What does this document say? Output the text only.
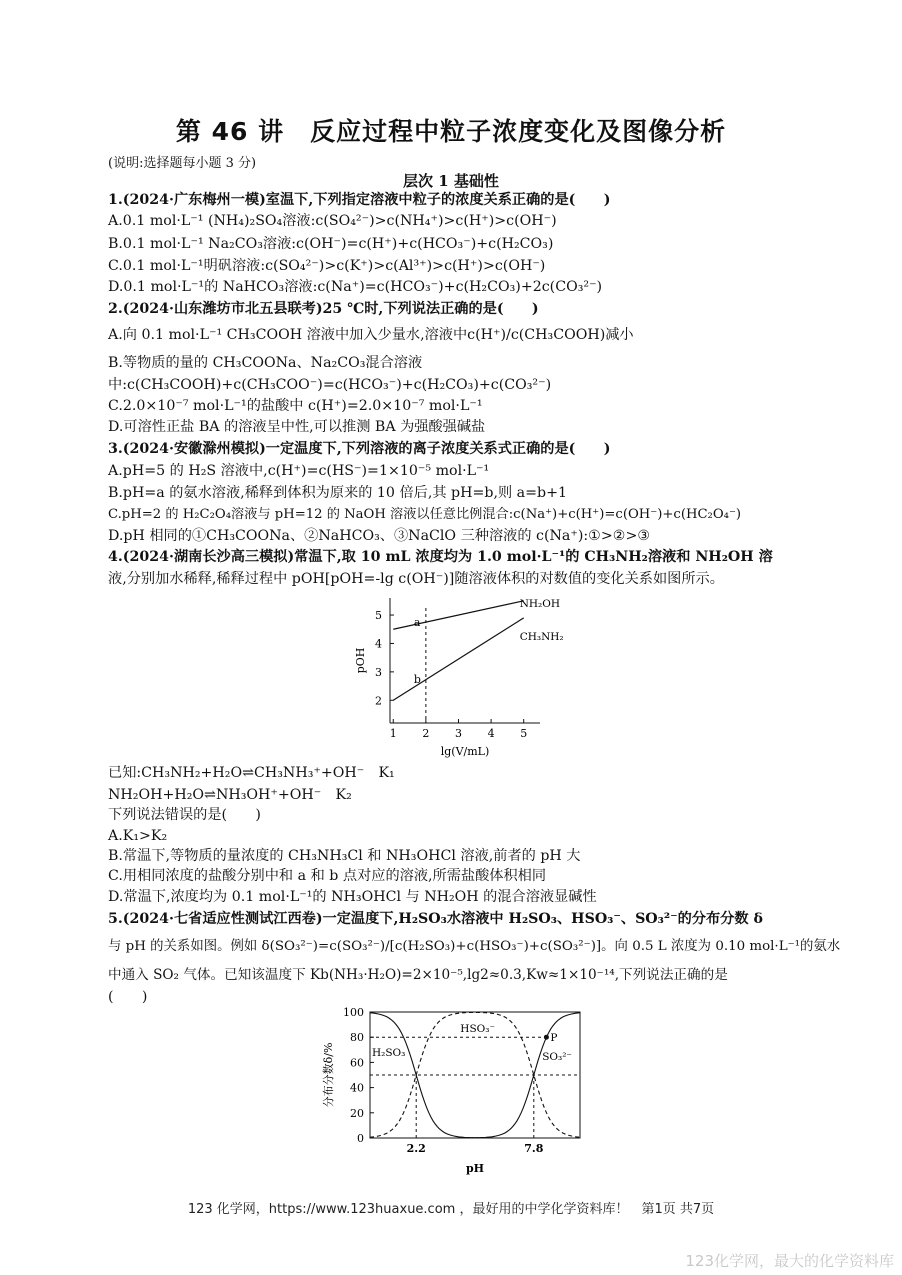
第 46 讲　反应过程中粒子浓度变化及图像分析
(说明:选择题每小题 3 分)
层次 1 基础性
1.(2024·广东梅州一模)室温下,下列指定溶液中粒子的浓度关系正确的是(　　)
A.0.1 mol·L⁻¹ (NH₄)₂SO₄溶液:c(SO₄²⁻)>c(NH₄⁺)>c(H⁺)>c(OH⁻)
B.0.1 mol·L⁻¹ Na₂CO₃溶液:c(OH⁻)=c(H⁺)+c(HCO₃⁻)+c(H₂CO₃)
C.0.1 mol·L⁻¹明矾溶液:c(SO₄²⁻)>c(K⁺)>c(Al³⁺)>c(H⁺)>c(OH⁻)
D.0.1 mol·L⁻¹的 NaHCO₃溶液:c(Na⁺)=c(HCO₃⁻)+c(H₂CO₃)+2c(CO₃²⁻)
2.(2024·山东潍坊市北五县联考)25 ℃时,下列说法正确的是(　　)
A.向 0.1 mol·L⁻¹ CH₃COOH 溶液中加入少量水,溶液中c(H⁺)/c(CH₃COOH)减小
B.等物质的量的 CH₃COONa、Na₂CO₃混合溶液
中:c(CH₃COOH)+c(CH₃COO⁻)=c(HCO₃⁻)+c(H₂CO₃)+c(CO₃²⁻)
C.2.0×10⁻⁷ mol·L⁻¹的盐酸中 c(H⁺)=2.0×10⁻⁷ mol·L⁻¹
D.可溶性正盐 BA 的溶液呈中性,可以推测 BA 为强酸强碱盐
3.(2024·安徽滁州模拟)一定温度下,下列溶液的离子浓度关系式正确的是(　　)
A.pH=5 的 H₂S 溶液中,c(H⁺)=c(HS⁻)=1×10⁻⁵ mol·L⁻¹
B.pH=a 的氨水溶液,稀释到体积为原来的 10 倍后,其 pH=b,则 a=b+1
C.pH=2 的 H₂C₂O₄溶液与 pH=12 的 NaOH 溶液以任意比例混合:c(Na⁺)+c(H⁺)=c(OH⁻)+c(HC₂O₄⁻)
D.pH 相同的①CH₃COONa、②NaHCO₃、③NaClO 三种溶液的 c(Na⁺):①>②>③
4.(2024·湖南长沙高三模拟)常温下,取 10 mL 浓度均为 1.0 mol·L⁻¹的 CH₃NH₂溶液和 NH₂OH 溶
液,分别加水稀释,稀释过程中 pOH[pOH=-lg c(OH⁻)]随溶液体积的对数值的变化关系如图所示。
1 2 3 4 5
2
3
4
5
lg(V/mL)
pOH
NH₂OH
CH₃NH₂
a
b
已知:CH₃NH₂+H₂O⇌CH₃NH₃⁺+OH⁻　K₁
NH₂OH+H₂O⇌NH₃OH⁺+OH⁻　K₂
下列说法错误的是(　　)
A.K₁>K₂
B.常温下,等物质的量浓度的 CH₃NH₃Cl 和 NH₃OHCl 溶液,前者的 pH 大
C.用相同浓度的盐酸分别中和 a 和 b 点对应的溶液,所需盐酸体积相同
D.常温下,浓度均为 0.1 mol·L⁻¹的 NH₃OHCl 与 NH₂OH 的混合溶液显碱性
5.(2024·七省适应性测试江西卷)一定温度下,H₂SO₃水溶液中 H₂SO₃、HSO₃⁻、SO₃²⁻的分布分数 δ
与 pH 的关系如图。例如 δ(SO₃²⁻)=c(SO₃²⁻)/[c(H₂SO₃)+c(HSO₃⁻)+c(SO₃²⁻)]。向 0.5 L 浓度为 0.10 mol·L⁻¹的氨水
中通入 SO₂ 气体。已知该温度下 Kb(NH₃·H₂O)=2×10⁻⁵,lg2≈0.3,Kw≈1×10⁻¹⁴,下列说法正确的是
(　　)
0
20
40
60
80
100
2.2	7.8
pH
分布分数δ/%	H₂SO₃
HSO₃⁻
SO₃²⁻
P
123 化学网，https://www.123huaxue.com ，最好用的中学化学资料库！　第1页 共7页
123化学网，最大的化学资料库
